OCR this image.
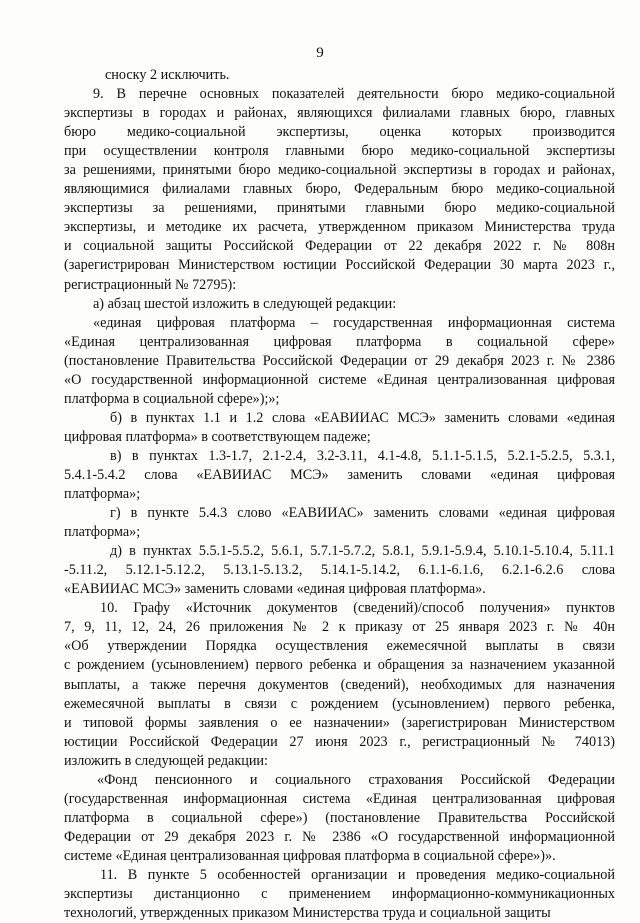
9
сноску 2 исключить.
9. В перечне основных показателей деятельности бюро медико-социальной
экспертизы в городах и районах, являющихся филиалами главных бюро, главных
бюро медико-социальной экспертизы, оценка которых производится
при осуществлении контроля главными бюро медико-социальной экспертизы
за решениями, принятыми бюро медико-социальной экспертизы в городах и районах,
являющимися филиалами главных бюро, Федеральным бюро медико-социальной
экспертизы за решениями, принятыми главными бюро медико-социальной
экспертизы, и методике их расчета, утвержденном приказом Министерства труда
и социальной защиты Российской Федерации от 22 декабря 2022 г. № 808н
(зарегистрирован Министерством юстиции Российской Федерации 30 марта 2023 г.,
регистрационный № 72795):
а) абзац шестой изложить в следующей редакции:
«единая цифровая платформа – государственная информационная система
«Единая централизованная цифровая платформа в социальной сфере»
(постановление Правительства Российской Федерации от 29 декабря 2023 г. № 2386
«О государственной информационной системе «Единая централизованная цифровая
платформа в социальной сфере»);»;
б) в пунктах 1.1 и 1.2 слова «ЕАВИИАС МСЭ» заменить словами «единая
цифровая платформа» в соответствующем падеже;
в) в пунктах 1.3-1.7, 2.1-2.4, 3.2-3.11, 4.1-4.8, 5.1.1-5.1.5, 5.2.1-5.2.5, 5.3.1,
5.4.1-5.4.2 слова «ЕАВИИАС МСЭ» заменить словами «единая цифровая
платформа»;
г) в пункте 5.4.3 слово «ЕАВИИАС» заменить словами «единая цифровая
платформа»;
д) в пунктах 5.5.1-5.5.2, 5.6.1, 5.7.1-5.7.2, 5.8.1, 5.9.1-5.9.4, 5.10.1-5.10.4, 5.11.1
-5.11.2, 5.12.1-5.12.2, 5.13.1-5.13.2, 5.14.1-5.14.2, 6.1.1-6.1.6, 6.2.1-6.2.6 слова
«ЕАВИИАС МСЭ» заменить словами «единая цифровая платформа».
10. Графу «Источник документов (сведений)/способ получения» пунктов
7, 9, 11, 12, 24, 26 приложения № 2 к приказу от 25 января 2023 г. № 40н
«Об утверждении Порядка осуществления ежемесячной выплаты в связи
с рождением (усыновлением) первого ребенка и обращения за назначением указанной
выплаты, а также перечня документов (сведений), необходимых для назначения
ежемесячной выплаты в связи с рождением (усыновлением) первого ребенка,
и типовой формы заявления о ее назначении» (зарегистрирован Министерством
юстиции Российской Федерации 27 июня 2023 г., регистрационный № 74013)
изложить в следующей редакции:
«Фонд пенсионного и социального страхования Российской Федерации
(государственная информационная система «Единая централизованная цифровая
платформа в социальной сфере») (постановление Правительства Российской
Федерации от 29 декабря 2023 г. № 2386 «О государственной информационной
системе «Единая централизованная цифровая платформа в социальной сфере»)».
11. В пункте 5 особенностей организации и проведения медико-социальной
экспертизы дистанционно с применением информационно-коммуникационных
технологий, утвержденных приказом Министерства труда и социальной защиты
